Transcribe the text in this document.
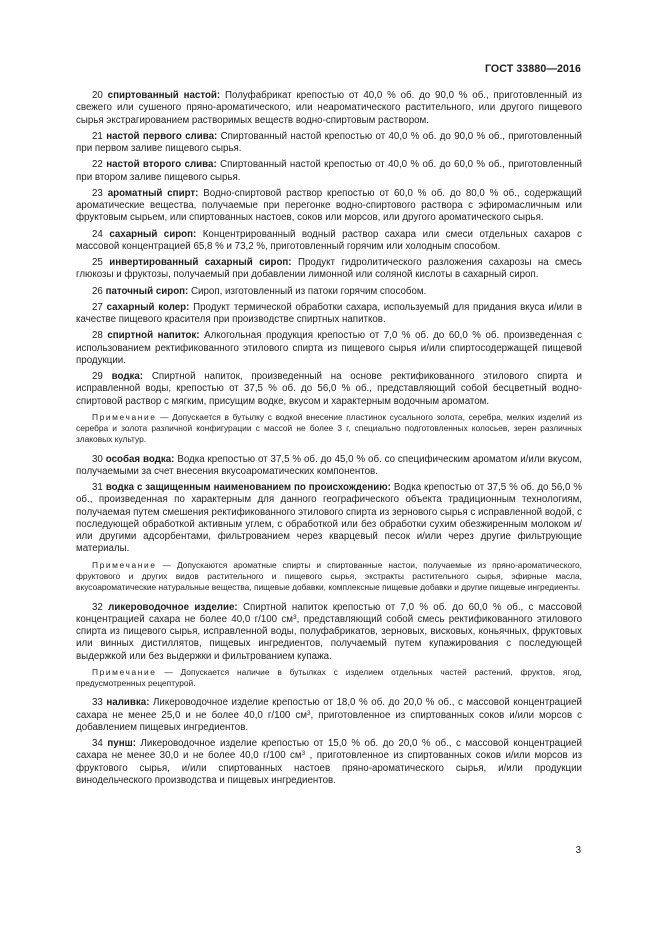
ГОСТ 33880—2016

20 спиртованный настой: Полуфабрикат крепостью от 40,0 % об. до 90,0 % об., приготовленный из свежего или сушеного пряно-ароматического, или неароматического растительного, или другого пищевого сырья экстрагированием растворимых веществ водно-спиртовым раствором.

21 настой первого слива: Спиртованный настой крепостью от 40,0 % об. до 90,0 % об., приготовленный при первом заливе пищевого сырья.

22 настой второго слива: Спиртованный настой крепостью от 40,0 % об. до 60,0 % об., приготовленный при втором заливе пищевого сырья.

23 ароматный спирт: Водно-спиртовой раствор крепостью от 60,0 % об. до 80,0 % об., содержащий ароматические вещества, получаемые при перегонке водно-спиртового раствора с эфиромасличным или фруктовым сырьем, или спиртованных настоев, соков или морсов, или другого ароматического сырья.

24 сахарный сироп: Концентрированный водный раствор сахара или смеси отдельных сахаров с массовой концентрацией 65,8 % и 73,2 %, приготовленный горячим или холодным способом.

25 инвертированный сахарный сироп: Продукт гидролитического разложения сахарозы на смесь глюкозы и фруктозы, получаемый при добавлении лимонной или соляной кислоты в сахарный сироп.

26 паточный сироп: Сироп, изготовленный из патоки горячим способом.

27 сахарный колер: Продукт термической обработки сахара, используемый для придания вкуса и/или в качестве пищевого красителя при производстве спиртных напитков.

28 спиртной напиток: Алкогольная продукция крепостью от 7,0 % об. до 60,0 % об. произведенная с использованием ректификованного этилового спирта из пищевого сырья и/или спиртосодержащей пищевой продукции.

29 водка: Спиртной напиток, произведенный на основе ректификованного этилового спирта и исправленной воды, крепостью от 37,5 % об. до 56,0 % об., представляющий собой бесцветный водно-спиртовой раствор с мягким, присущим водке, вкусом и характерным водочным ароматом.

Примечание — Допускается в бутылку с водкой внесение пластинок сусального золота, серебра, мелких изделий из серебра и золота различной конфигурации с массой не более 3 г, специально подготовленных колосьев, зерен различных злаковых культур.

30 особая водка: Водка крепостью от 37,5 % об. до 45,0 % об. со специфическим ароматом и/или вкусом, получаемыми за счет внесения вкусоароматических компонентов.

31 водка с защищенным наименованием по происхождению: Водка крепостью от 37,5 % об. до 56,0 % об., произведенная по характерным для данного географического объекта традиционным технологиям, получаемая путем смешения ректификованного этилового спирта из зернового сырья с исправленной водой, с последующей обработкой активным углем, с обработкой или без обработки сухим обезжиренным молоком и/или другими адсорбентами, фильтрованием через кварцевый песок и/или через другие фильтрующие материалы.

Примечание — Допускаются ароматные спирты и спиртованные настои, получаемые из пряно-ароматического, фруктового и других видов растительного и пищевого сырья, экстракты растительного сырья, эфирные масла, вкусоароматические натуральные вещества, пищевые добавки, комплексные пищевые добавки и другие пищевые ингредиенты.

32 ликероводочное изделие: Спиртной напиток крепостью от 7,0 % об. до 60,0 % об., с массовой концентрацией сахара не более 40,0 г/100 $см^3$, представляющий собой смесь ректификованного этилового спирта из пищевого сырья, исправленной воды, полуфабрикатов, зерновых, висковых, коньячных, фруктовых или винных дистиллятов, пищевых ингредиентов, получаемый путем купажирования с последующей выдержкой или без выдержки и фильтрованием купажа.

Примечание — Допускается наличие в бутылках с изделием отдельных частей растений, фруктов, ягод, предусмотренных рецептурой.

33 наливка: Ликероводочное изделие крепостью от 18,0 % об. до 20,0 % об., с массовой концентрацией сахара не менее 25,0 и не более 40,0 г/100 $см^3$, приготовленное из спиртованных соков и/или морсов с добавлением пищевых ингредиентов.

34 пунш: Ликероводочное изделие крепостью от 15,0 % об. до 20,0 % об., с массовой концентрацией сахара не менее 30,0 и не более 40,0 г/100 $см^3$ , приготовленное из спиртованных соков и/или морсов из фруктового сырья, и/или спиртованных настоев пряно-ароматического сырья, и/или продукции винодельческого производства и пищевых ингредиентов.

3
